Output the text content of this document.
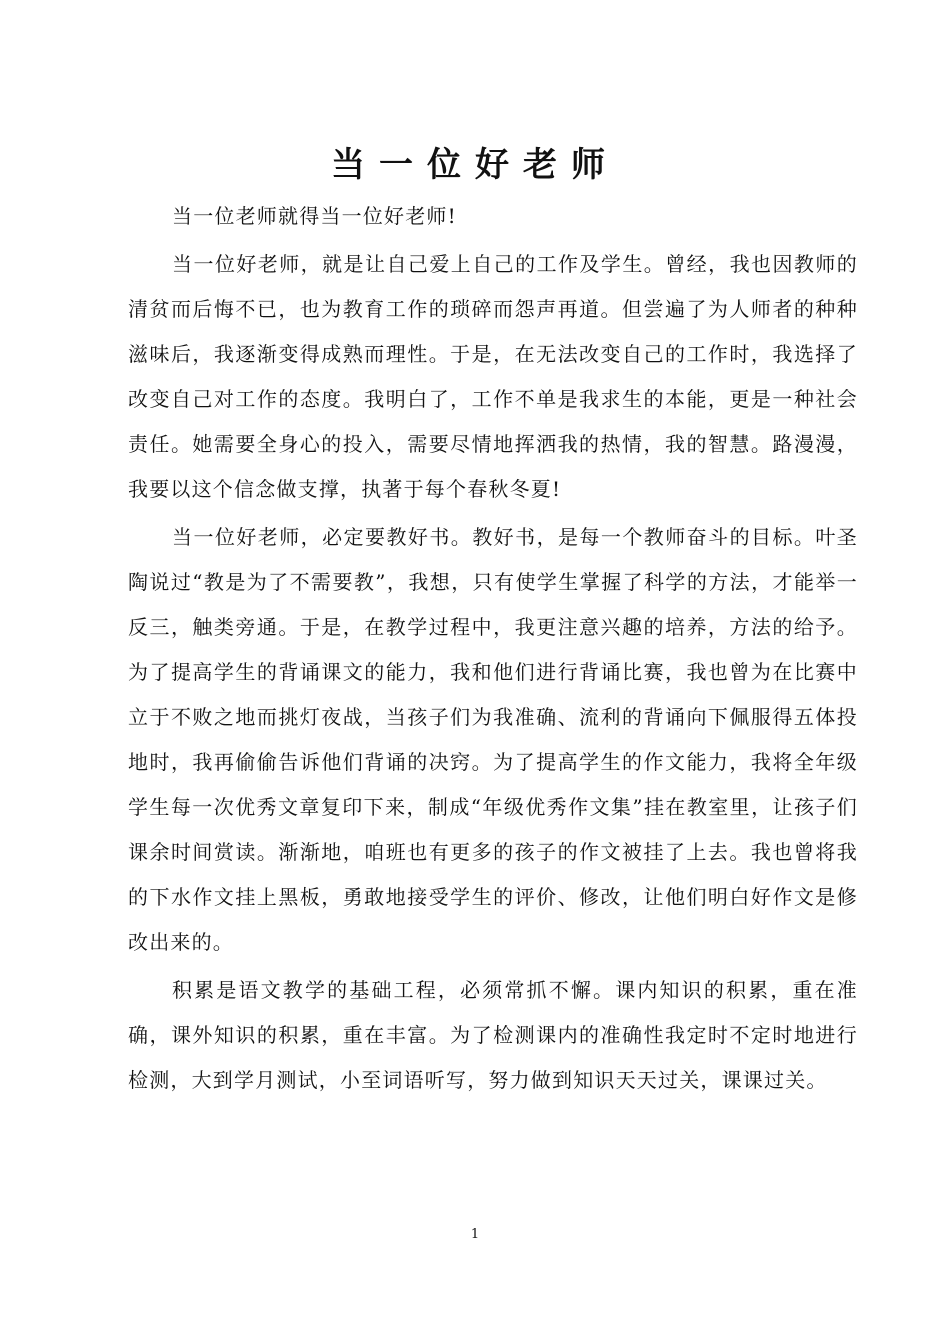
当一位好老师

当一位老师就得当一位好老师!

当一位好老师，就是让自己爱上自己的工作及学生。曾经，我也因教师的清贫而后悔不已，也为教育工作的琐碎而怨声再道。但尝遍了为人师者的种种滋味后，我逐渐变得成熟而理性。于是，在无法改变自己的工作时，我选择了改变自己对工作的态度。我明白了，工作不单是我求生的本能，更是一种社会责任。她需要全身心的投入，需要尽情地挥洒我的热情，我的智慧。路漫漫，我要以这个信念做支撑，执著于每个春秋冬夏!

当一位好老师，必定要教好书。教好书，是每一个教师奋斗的目标。叶圣陶说过“教是为了不需要教”，我想，只有使学生掌握了科学的方法，才能举一反三，触类旁通。于是，在教学过程中，我更注意兴趣的培养，方法的给予。为了提高学生的背诵课文的能力，我和他们进行背诵比赛，我也曾为在比赛中立于不败之地而挑灯夜战，当孩子们为我准确、流利的背诵向下佩服得五体投地时，我再偷偷告诉他们背诵的决窍。为了提高学生的作文能力，我将全年级学生每一次优秀文章复印下来，制成“年级优秀作文集”挂在教室里，让孩子们课余时间赏读。渐渐地，咱班也有更多的孩子的作文被挂了上去。我也曾将我的下水作文挂上黑板，勇敢地接受学生的评价、修改，让他们明白好作文是修改出来的。

积累是语文教学的基础工程，必须常抓不懈。课内知识的积累，重在准确，课外知识的积累，重在丰富。为了检测课内的准确性我定时不定时地进行检测，大到学月测试，小至词语听写，努力做到知识天天过关，课课过关。

1
